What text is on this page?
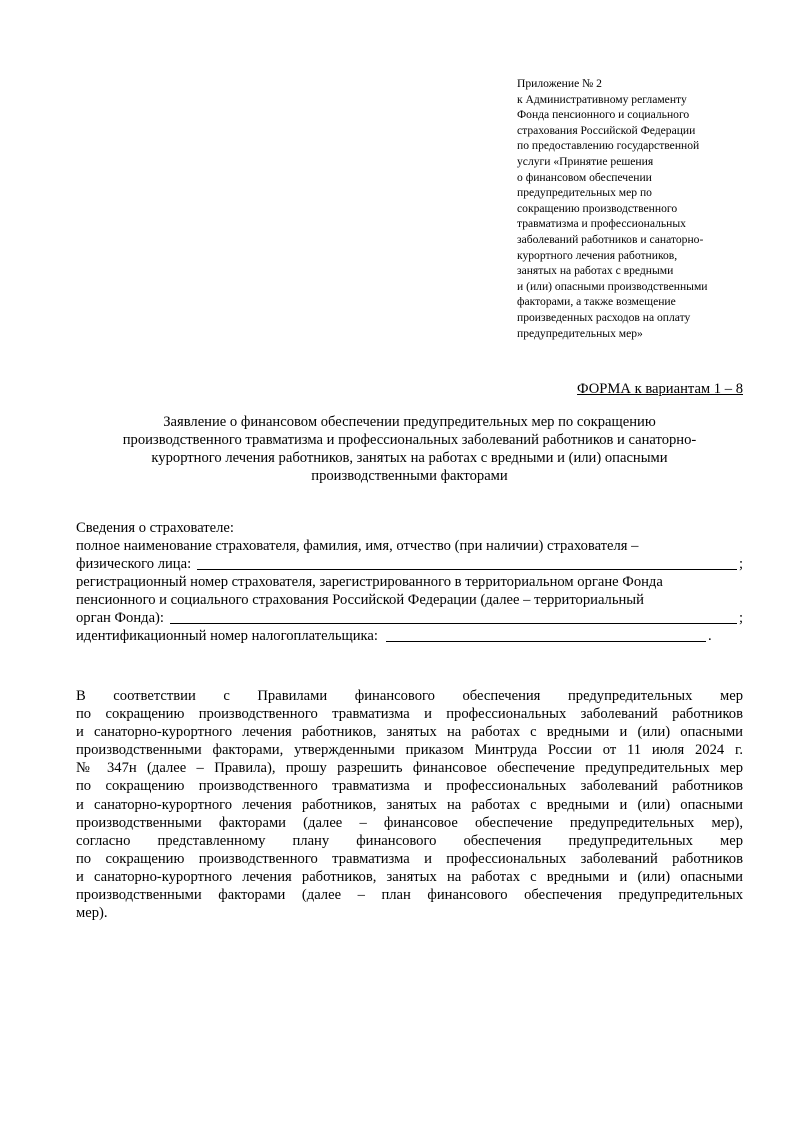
Приложение № 2
к Административному регламенту
Фонда пенсионного и социального
страхования Российской Федерации
по предоставлению государственной
услуги «Принятие решения
о финансовом обеспечении
предупредительных мер по
сокращению производственного
травматизма и профессиональных
заболеваний работников и санаторно-
курортного лечения работников,
занятых на работах с вредными
и (или) опасными производственными
факторами, а также возмещение
произведенных расходов на оплату
предупредительных мер»
ФОРМА к вариантам 1 – 8
Заявление о финансовом обеспечении предупредительных мер по сокращению
производственного травматизма и профессиональных заболеваний работников и санаторно-
курортного лечения работников, занятых на работах с вредными и (или) опасными
производственными факторами
Сведения о страхователе:
полное наименование страхователя, фамилия, имя, отчество (при наличии) страхователя –
физического лица:	;
регистрационный номер страхователя, зарегистрированного в территориальном органе Фонда
пенсионного и социального страхования Российской Федерации (далее – территориальный
орган Фонда):	;
идентификационный номер налогоплательщика:	.
В соответствии с Правилами финансового обеспечения предупредительных мер
по сокращению производственного травматизма и профессиональных заболеваний работников
и санаторно-курортного лечения работников, занятых на работах с вредными и (или) опасными
производственными факторами, утвержденными приказом Минтруда России от 11 июля 2024 г.
№ 347н (далее – Правила), прошу разрешить финансовое обеспечение предупредительных мер
по сокращению производственного травматизма и профессиональных заболеваний работников
и санаторно-курортного лечения работников, занятых на работах с вредными и (или) опасными
производственными факторами (далее – финансовое обеспечение предупредительных мер),
согласно представленному плану финансового обеспечения предупредительных мер
по сокращению производственного травматизма и профессиональных заболеваний работников
и санаторно-курортного лечения работников, занятых на работах с вредными и (или) опасными
производственными факторами (далее – план финансового обеспечения предупредительных
мер).
